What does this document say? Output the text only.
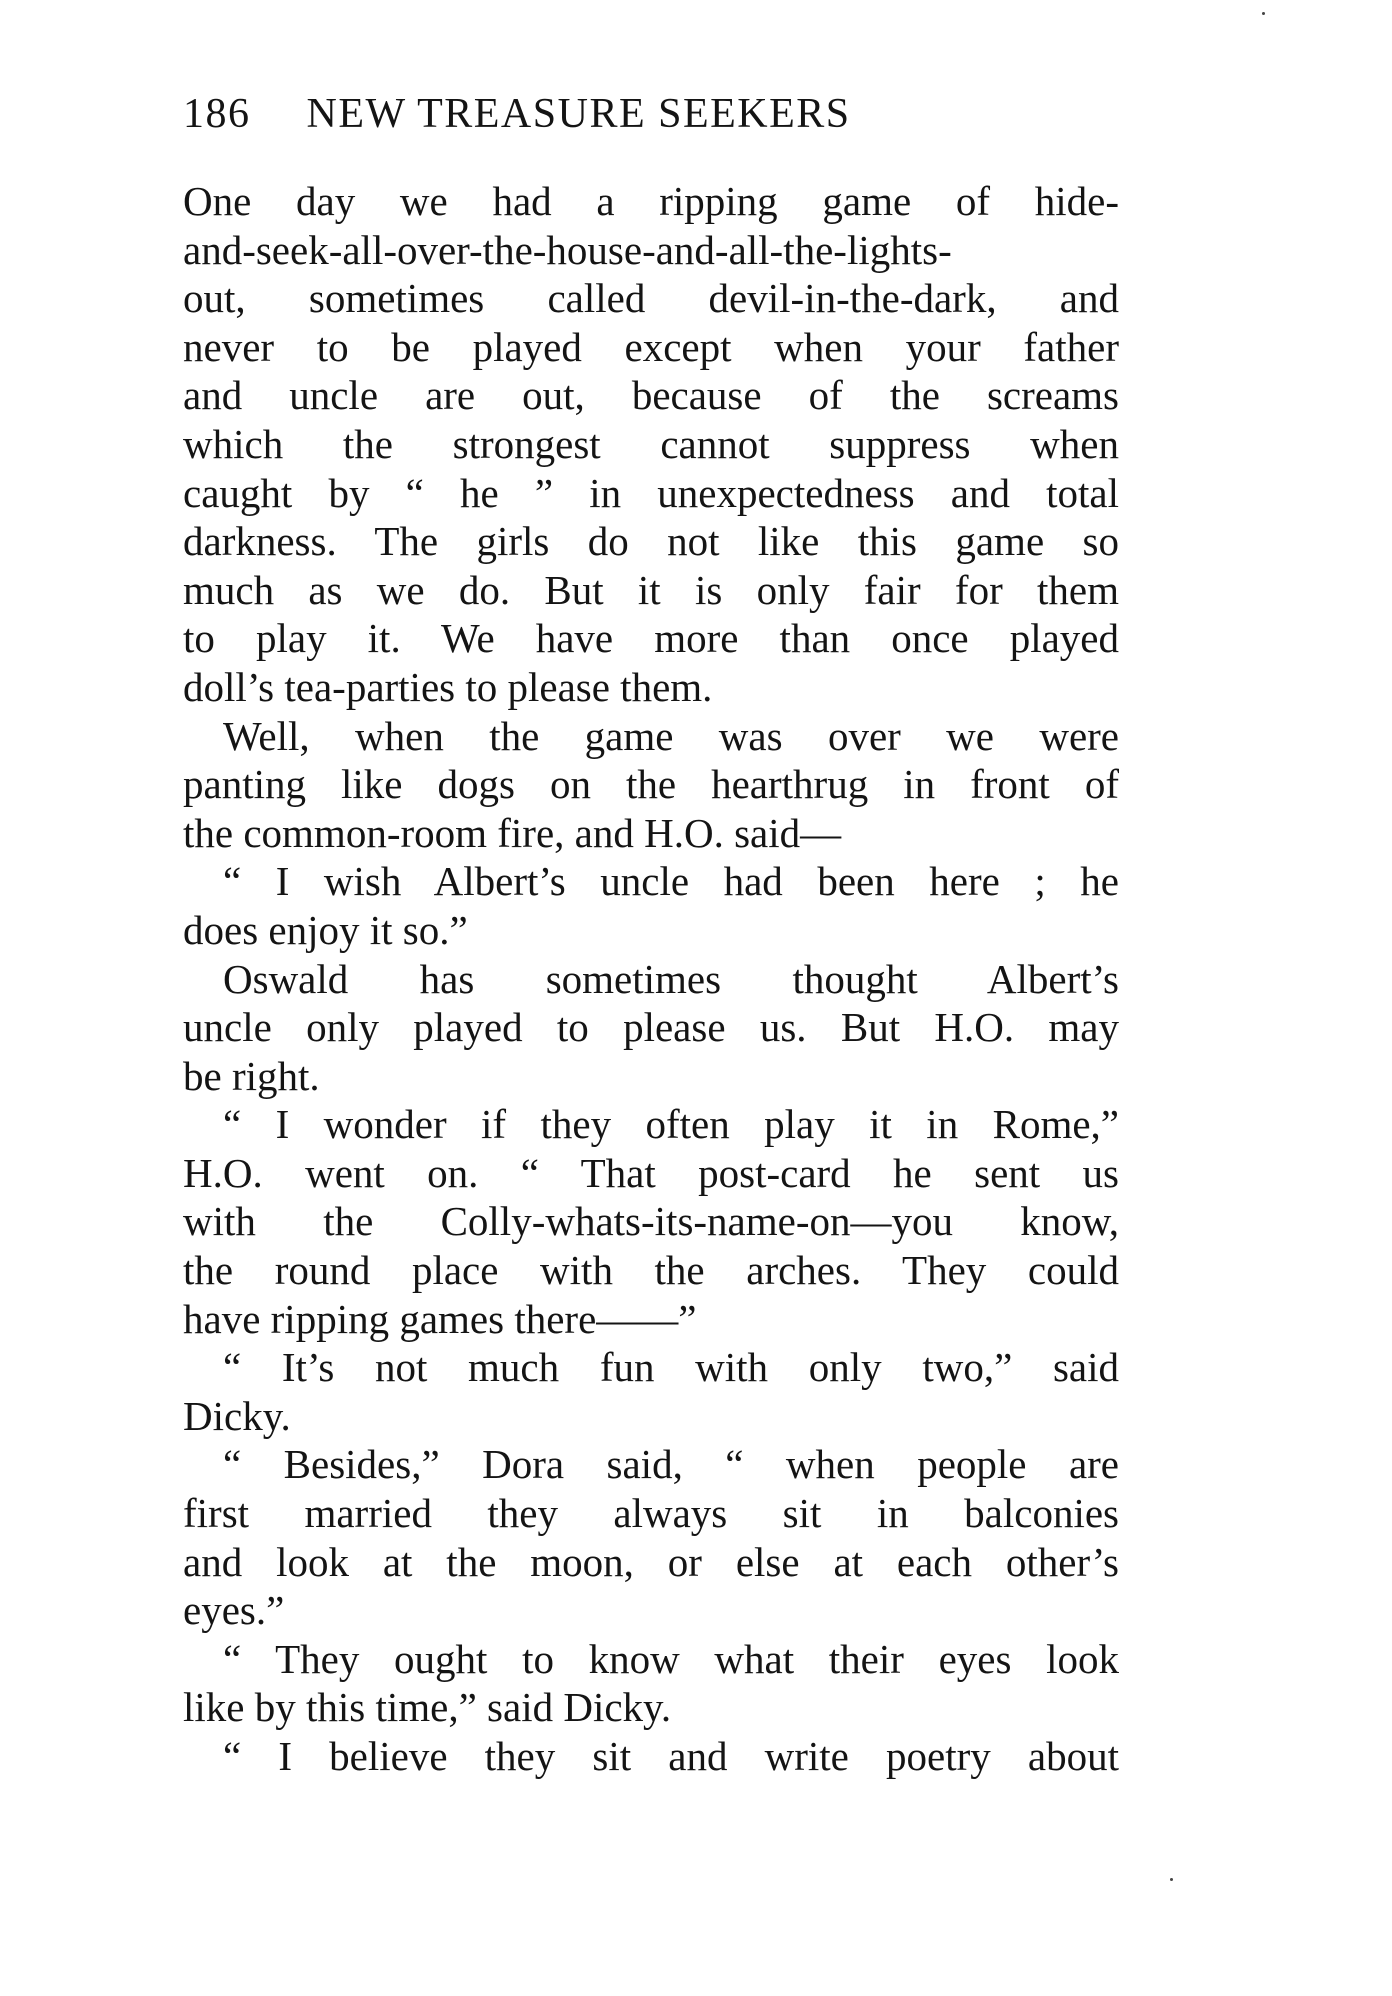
186 NEW TREASURE SEEKERS
One day we had a ripping game of hide-
and-seek-all-over-the-house-and-all-the-lights-
out, sometimes called devil-in-the-dark, and
never to be played except when your father
and uncle are out, because of the screams
which the strongest cannot suppress when
caught by “ he ” in unexpectedness and total
darkness. The girls do not like this game so
much as we do. But it is only fair for them
to play it. We have more than once played
doll’s tea-parties to please them.
Well, when the game was over we were
panting like dogs on the hearthrug in front of
the common-room fire, and H.O. said—
“ I wish Albert’s uncle had been here ; he
does enjoy it so.”
Oswald has sometimes thought Albert’s
uncle only played to please us. But H.O. may
be right.
“ I wonder if they often play it in Rome,”
H.O. went on. “ That post-card he sent us
with the Colly-whats-its-name-on—you know,
the round place with the arches. They could
have ripping games there——”
“ It’s not much fun with only two,” said
Dicky.
“ Besides,” Dora said, “ when people are
first married they always sit in balconies
and look at the moon, or else at each other’s
eyes.”
“ They ought to know what their eyes look
like by this time,” said Dicky.
“ I believe they sit and write poetry about
